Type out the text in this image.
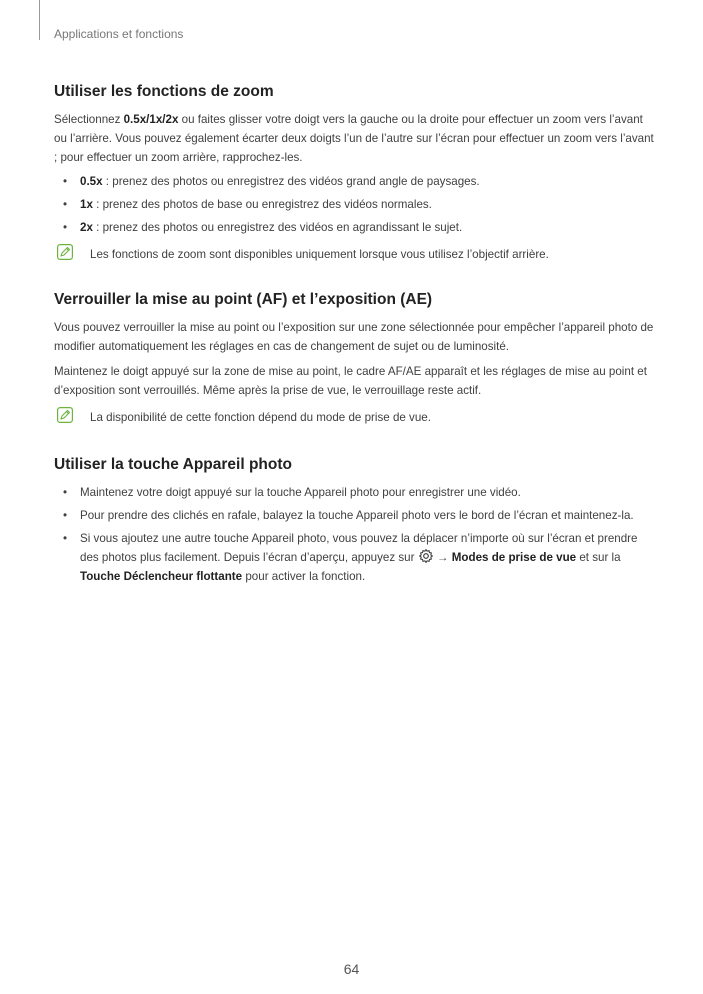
Applications et fonctions
Utiliser les fonctions de zoom

Sélectionnez 0.5x/1x/2x ou faites glisser votre doigt vers la gauche ou la droite pour effectuer un zoom vers l’avant ou l’arrière. Vous pouvez également écarter deux doigts l’un de l’autre sur l’écran pour effectuer un zoom vers l’avant ; pour effectuer un zoom arrière, rapprochez-les.

• 0.5x : prenez des photos ou enregistrez des vidéos grand angle de paysages.
• 1x : prenez des photos de base ou enregistrez des vidéos normales.
• 2x : prenez des photos ou enregistrez des vidéos en agrandissant le sujet.
Les fonctions de zoom sont disponibles uniquement lorsque vous utilisez l’objectif arrière.
Verrouiller la mise au point (AF) et l’exposition (AE)

Vous pouvez verrouiller la mise au point ou l’exposition sur une zone sélectionnée pour empêcher l’appareil photo de modifier automatiquement les réglages en cas de changement de sujet ou de luminosité.

Maintenez le doigt appuyé sur la zone de mise au point, le cadre AF/AE apparaît et les réglages de mise au point et d’exposition sont verrouillés. Même après la prise de vue, le verrouillage reste actif.

La disponibilité de cette fonction dépend du mode de prise de vue.
Utiliser la touche Appareil photo
• Maintenez votre doigt appuyé sur la touche Appareil photo pour enregistrer une vidéo.
• Pour prendre des clichés en rafale, balayez la touche Appareil photo vers le bord de l’écran et maintenez-la.
• Si vous ajoutez une autre touche Appareil photo, vous pouvez la déplacer n’importe où sur l’écran et prendre des photos plus facilement. Depuis l’écran d’aperçu, appuyez sur  → Modes de prise de vue et sur la Touche Déclencheur flottante pour activer la fonction.
64
